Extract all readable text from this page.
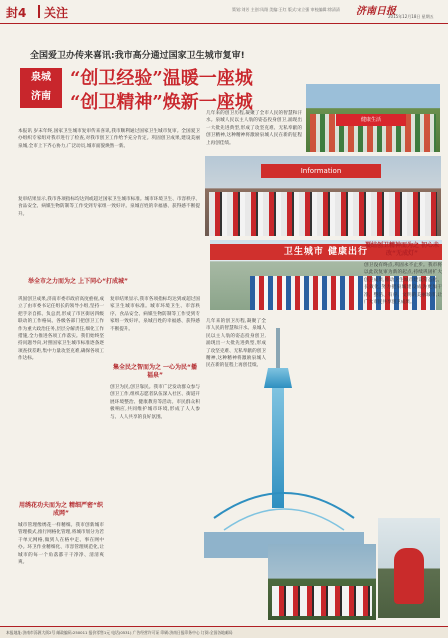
封4 关注	策划:刘芳 主创:凤翔 美编:王红 版式:宋立强 审校编辑:徐清清 济南日报
2015年12月18日 星期五
全国爱卫办传来喜讯:我市高分通过国家卫生城市复审!
泉城
济南
“创卫经验”温暖一座城
“创卫精神”焕新一座城
本报讯 岁末年终,国家卫生城市复审传来喜讯,我市顺利通过国家卫生城市复审。全国爱卫办组织专家组对我市进行了检查,对我市创卫工作给予充分肯定。巩固创卫成果,建设美丽泉城,全市上下齐心协力,广泛动员,城市面貌焕然一新。
复审结果显示,我市各项指标均达到或超过国家卫生城市标准。城市环境卫生、市容秩序、食品安全、病媒生物防制等工作受到专家组一致好评。泉城百姓的幸福感、获得感不断提升。
几年来的创卫历程,凝聚了全市人民的智慧和汗水。泉城人民以主人翁的姿态投身创卫,涌现出一大批先进典型,形成了攻坚克难、无私奉献的创卫精神,这种精神将激励泉城人民在新的征程上再创佳绩。
健康生活
Information
卫生城市 健康出行
举全市之力而为之 上下同心“打成城”
巩固创卫成果,济南市委市政府高度重视,成立了由市委书记任组长的领导小组,坚持一把手亲自抓、负总责,形成了市区街居四级联动的工作格局。各级各部门把创卫工作作为重大政治任务,层层分解责任,细化工作措施,全力推进各项工作落实。我们始终坚持问题导向,对照国家卫生城市标准逐条逐项查找差距,集中力量攻坚克难,确保各项工作达标。
复审结果显示,我市各项指标均达到或超过国家卫生城市标准。城市环境卫生、市容秩序、食品安全、病媒生物防制等工作受到专家组一致好评。泉城百姓的幸福感、获得感不断提升。
集全民之智而为之 一心为民“播福泉”
创卫为民,创卫靠民。我市广泛发动群众参与创卫工作,组织志愿者队伍深入社区、街道开展环境整治、健康教育等活动。市民群众积极响应,共同维护城市环境,形成了人人参与、人人共享的良好氛围。
用绣花功夫而为之 精细严密“织成网”
城市管理像绣花一样精细。我市创新城市管理模式,推行网格化管理,将城市划分为若干单元网格,做到人在格中走、事在网中办。环卫作业精细化、市容管理规范化,让城市的每一个角落都干干净净、清清爽爽。
凝结创卫精神而为之 初心未改“无成灯”
创卫没有终点,巩固永不止步。我市将以此次复审为新的起点,持续巩固扩大创卫成果,推动卫生城市建设常态化、长效化,努力把泉城建设成为更加干净、整洁、有序、文明的美丽城市,让广大市民共享创卫成果。
几年来的创卫历程,凝聚了全市人民的智慧和汗水。泉城人民以主人翁的姿态投身创卫,涌现出一大批先进典型,形成了攻坚克难、无私奉献的创卫精神,这种精神将激励泉城人民在新的征程上再创佳绩。
本报地址:济南市泺源大街2号 邮政编码:250011 报价零售1元 电话(0531) 广告经营许可证 印刷:济南日报印务中心 订阅:全国各地邮局
